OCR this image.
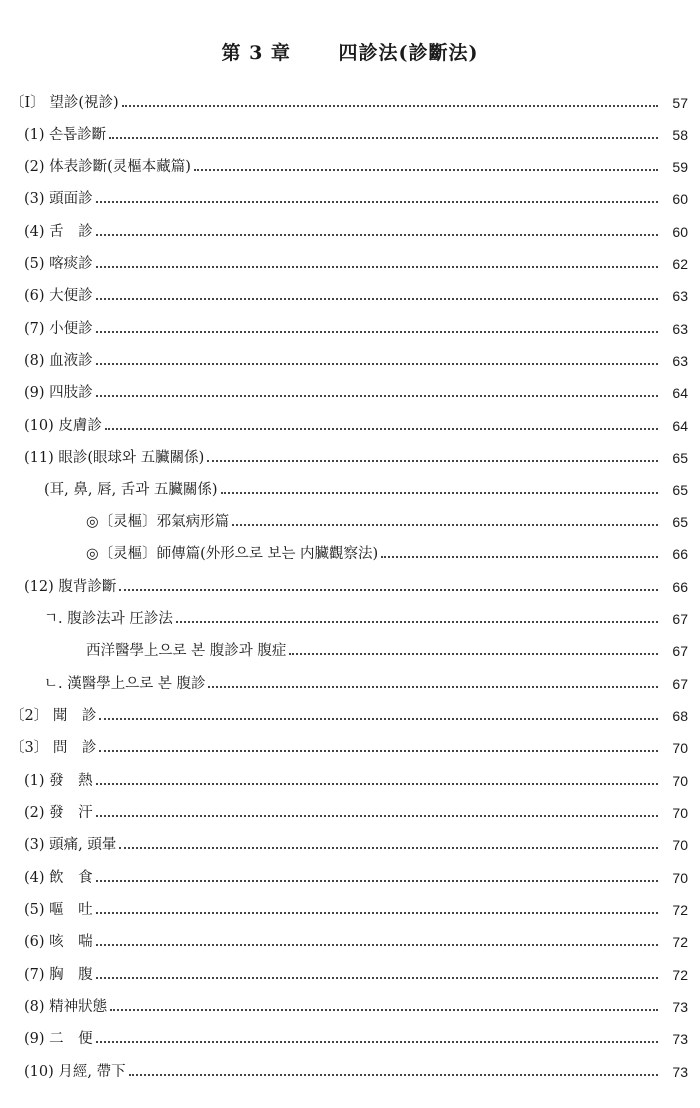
第 3 章	四診法(診斷法)
〔Ⅰ〕 望診(視診)	57
(1) 손톱診斷	58
(2) 体表診斷(灵樞本藏篇)	59
(3) 頭面診	60
(4) 舌　診	60
(5) 喀痰診	62
(6) 大便診	63
(7) 小便診	63
(8) 血液診	63
(9) 四肢診	64
(10) 皮膚診	64
(11) 眼診(眼球와 五臟關係)	65
(耳, 鼻, 唇, 舌과 五臟關係)	65
◎〔灵樞〕邪氣病形篇	65
◎〔灵樞〕師傳篇(外形으로 보는 内臟觀察法)	66
(12) 腹背診斷	66
ㄱ. 腹診法과 圧診法	67
西洋醫學上으로 본 腹診과 腹症	67
ㄴ. 漢醫學上으로 본 腹診	67
〔2〕 聞　診	68
〔3〕 問　診	70
(1) 發　熱	70
(2) 發　汗	70
(3) 頭痛, 頭暈	70
(4) 飲　食	70
(5) 嘔　吐	72
(6) 咳　喘	72
(7) 胸　腹	72
(8) 精神狀態	73
(9) 二　便	73
(10) 月經, 帶下	73
